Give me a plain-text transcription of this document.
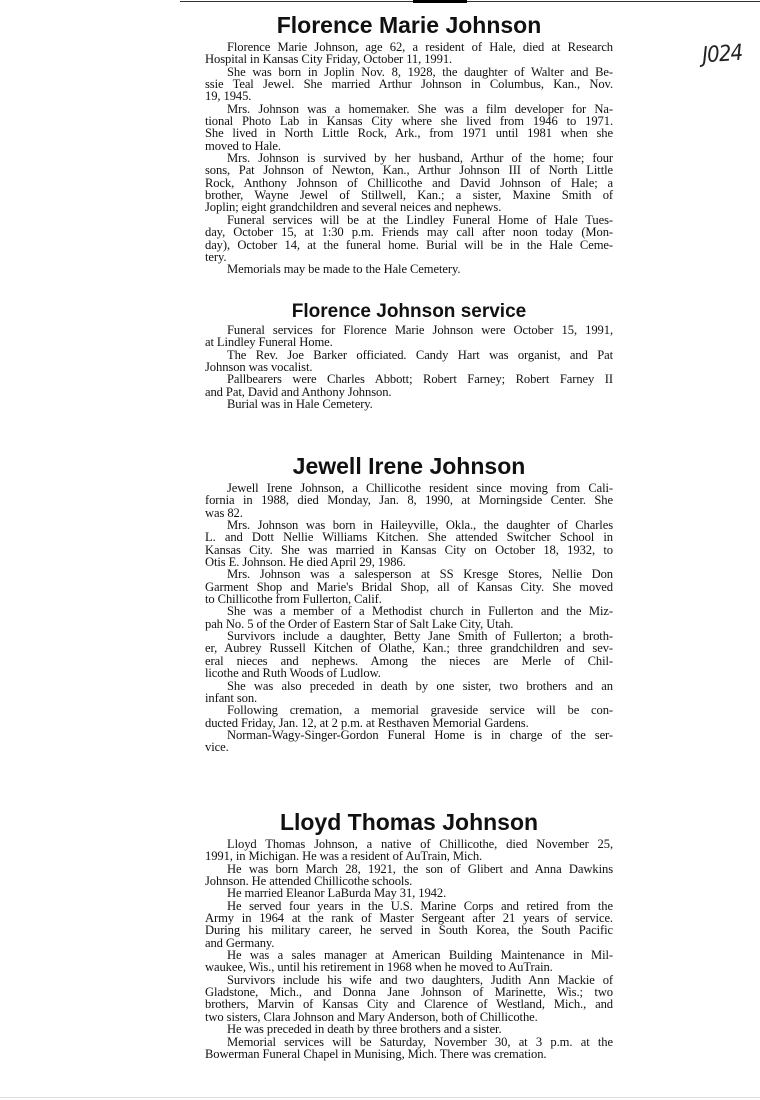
J024
Florence Marie Johnson
Florence Marie Johnson, age 62, a resident of Hale, died at Research
Hospital in Kansas City Friday, October 11, 1991.
She was born in Joplin Nov. 8, 1928, the daughter of Walter and Be-
ssie Teal Jewel. She married Arthur Johnson in Columbus, Kan., Nov.
19, 1945.
Mrs. Johnson was a homemaker. She was a film developer for Na-
tional Photo Lab in Kansas City where she lived from 1946 to 1971.
She lived in North Little Rock, Ark., from 1971 until 1981 when she
moved to Hale.
Mrs. Johnson is survived by her husband, Arthur of the home; four
sons, Pat Johnson of Newton, Kan., Arthur Johnson III of North Little
Rock, Anthony Johnson of Chillicothe and David Johnson of Hale; a
brother, Wayne Jewel of Stillwell, Kan.; a sister, Maxine Smith of
Joplin; eight grandchildren and several neices and nephews.
Funeral services will be at the Lindley Funeral Home of Hale Tues-
day, October 15, at 1:30 p.m. Friends may call after noon today (Mon-
day), October 14, at the funeral home. Burial will be in the Hale Ceme-
tery.
Memorials may be made to the Hale Cemetery.
Florence Johnson service
Funeral services for Florence Marie Johnson were October 15, 1991,
at Lindley Funeral Home.
The Rev. Joe Barker officiated. Candy Hart was organist, and Pat
Johnson was vocalist.
Pallbearers were Charles Abbott; Robert Farney; Robert Farney II
and Pat, David and Anthony Johnson.
Burial was in Hale Cemetery.
Jewell Irene Johnson
Jewell Irene Johnson, a Chillicothe resident since moving from Cali-
fornia in 1988, died Monday, Jan. 8, 1990, at Morningside Center. She
was 82.
Mrs. Johnson was born in Haileyville, Okla., the daughter of Charles
L. and Dott Nellie Williams Kitchen. She attended Switcher School in
Kansas City. She was married in Kansas City on October 18, 1932, to
Otis E. Johnson. He died April 29, 1986.
Mrs. Johnson was a salesperson at SS Kresge Stores, Nellie Don
Garment Shop and Marie's Bridal Shop, all of Kansas City. She moved
to Chillicothe from Fullerton, Calif.
She was a member of a Methodist church in Fullerton and the Miz-
pah No. 5 of the Order of Eastern Star of Salt Lake City, Utah.
Survivors include a daughter, Betty Jane Smith of Fullerton; a broth-
er, Aubrey Russell Kitchen of Olathe, Kan.; three grandchildren and sev-
eral nieces and nephews. Among the nieces are Merle of Chil-
licothe and Ruth Woods of Ludlow.
She was also preceded in death by one sister, two brothers and an
infant son.
Following cremation, a memorial graveside service will be con-
ducted Friday, Jan. 12, at 2 p.m. at Resthaven Memorial Gardens.
Norman-Wagy-Singer-Gordon Funeral Home is in charge of the ser-
vice.
Lloyd Thomas Johnson
Lloyd Thomas Johnson, a native of Chillicothe, died November 25,
1991, in Michigan. He was a resident of AuTrain, Mich.
He was born March 28, 1921, the son of Glibert and Anna Dawkins
Johnson. He attended Chillicothe schools.
He married Eleanor LaBurda May 31, 1942.
He served four years in the U.S. Marine Corps and retired from the
Army in 1964 at the rank of Master Sergeant after 21 years of service.
During his military career, he served in South Korea, the South Pacific
and Germany.
He was a sales manager at American Building Maintenance in Mil-
waukee, Wis., until his retirement in 1968 when he moved to AuTrain.
Survivors include his wife and two daughters, Judith Ann Mackie of
Gladstone, Mich., and Donna Jane Johnson of Marinette, Wis.; two
brothers, Marvin of Kansas City and Clarence of Westland, Mich., and
two sisters, Clara Johnson and Mary Anderson, both of Chillicothe.
He was preceded in death by three brothers and a sister.
Memorial services will be Saturday, November 30, at 3 p.m. at the
Bowerman Funeral Chapel in Munising, Mich. There was cremation.
